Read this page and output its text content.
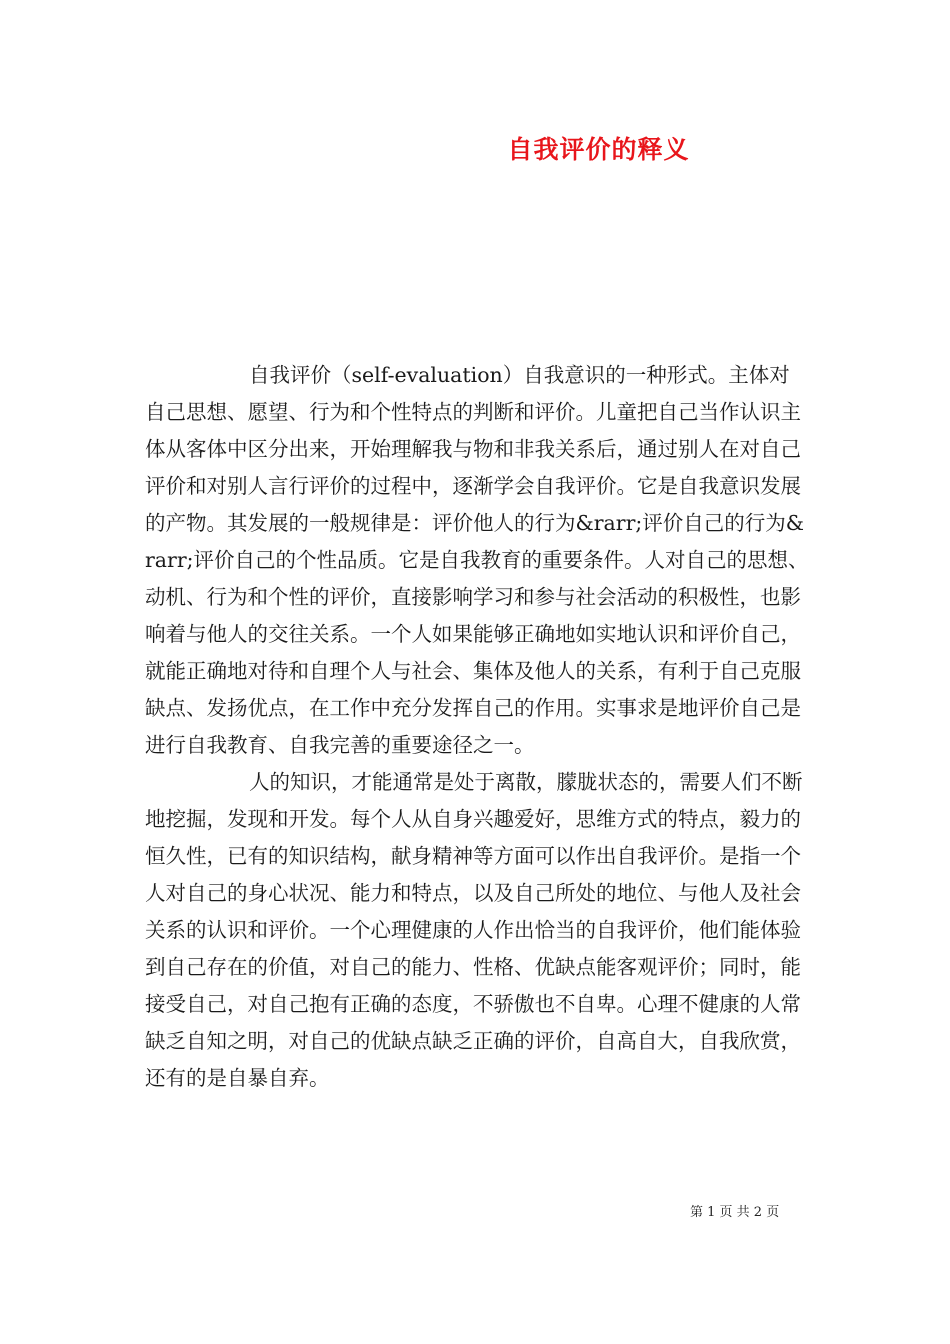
自我评价的释义

自我评价（self-evaluation）自我意识的一种形式。主体对自己思想、愿望、行为和个性特点的判断和评价。儿童把自己当作认识主体从客体中区分出来，开始理解我与物和非我关系后，通过别人在对自己评价和对别人言行评价的过程中，逐渐学会自我评价。它是自我意识发展的产物。其发展的一般规律是：评价他人的行为&rarr;评价自己的行为&rarr;评价自己的个性品质。它是自我教育的重要条件。人对自己的思想、动机、行为和个性的评价，直接影响学习和参与社会活动的积极性，也影响着与他人的交往关系。一个人如果能够正确地如实地认识和评价自己，就能正确地对待和自理个人与社会、集体及他人的关系，有利于自己克服缺点、发扬优点，在工作中充分发挥自己的作用。实事求是地评价自己是进行自我教育、自我完善的重要途径之一。

人的知识，才能通常是处于离散，朦胧状态的，需要人们不断地挖掘，发现和开发。每个人从自身兴趣爱好，思维方式的特点，毅力的恒久性，已有的知识结构，献身精神等方面可以作出自我评价。是指一个人对自己的身心状况、能力和特点，以及自己所处的地位、与他人及社会关系的认识和评价。一个心理健康的人作出恰当的自我评价，他们能体验到自己存在的价值，对自己的能力、性格、优缺点能客观评价；同时，能接受自己，对自己抱有正确的态度，不骄傲也不自卑。心理不健康的人常缺乏自知之明，对自己的优缺点缺乏正确的评价，自高自大，自我欣赏，还有的是自暴自弃。

第 1 页 共 2 页
